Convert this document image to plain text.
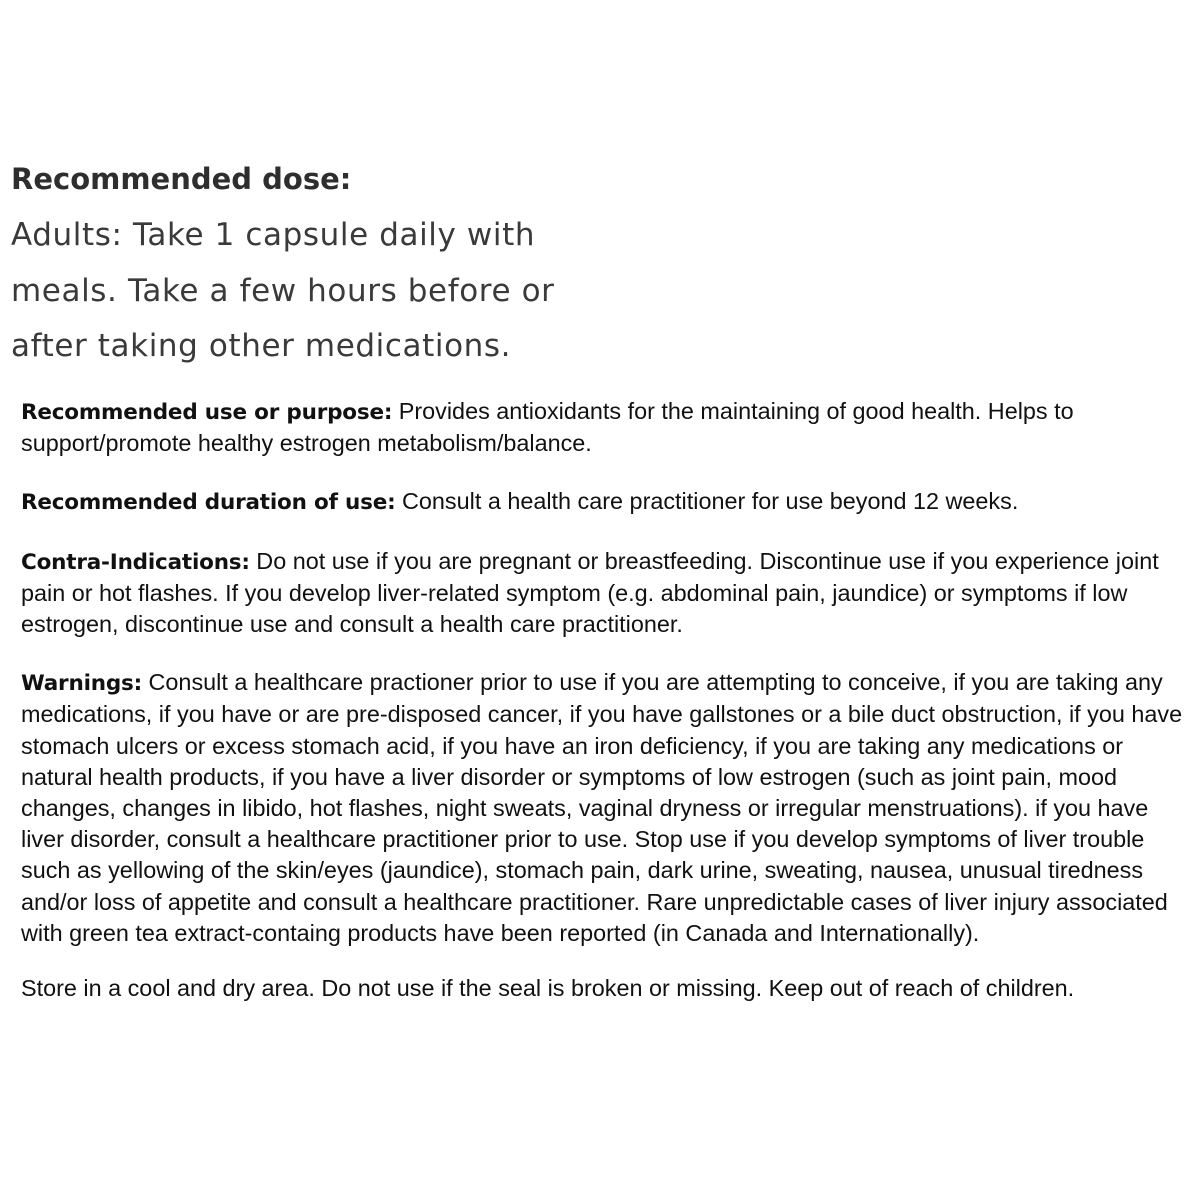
Recommended dose:

Adults: Take 1 capsule daily with

meals. Take a few hours before or

after taking other medications.

Recommended use or purpose: Provides antioxidants for the maintaining of good health. Helps to support/promote healthy estrogen metabolism/balance.

Recommended duration of use: Consult a health care practitioner for use beyond 12 weeks.

Contra-Indications: Do not use if you are pregnant or breastfeeding. Discontinue use if you experience joint pain or hot flashes. If you develop liver-related symptom (e.g. abdominal pain, jaundice) or symptoms if low estrogen, discontinue use and consult a health care practitioner.

Warnings: Consult a healthcare practioner prior to use if you are attempting to conceive, if you are taking any medications, if you have or are pre-disposed cancer, if you have gallstones or a bile duct obstruction, if you have stomach ulcers or excess stomach acid, if you have an iron deficiency, if you are taking any medications or natural health products, if you have a liver disorder or symptoms of low estrogen (such as joint pain, mood changes, changes in libido, hot flashes, night sweats, vaginal dryness or irregular menstruations). if you have liver disorder, consult a healthcare practitioner prior to use. Stop use if you develop symptoms of liver trouble such as yellowing of the skin/eyes (jaundice), stomach pain, dark urine, sweating, nausea, unusual tiredness and/or loss of appetite and consult a healthcare practitioner. Rare unpredictable cases of liver injury associated with green tea extract-containg products have been reported (in Canada and Internationally).

Store in a cool and dry area. Do not use if the seal is broken or missing. Keep out of reach of children.
